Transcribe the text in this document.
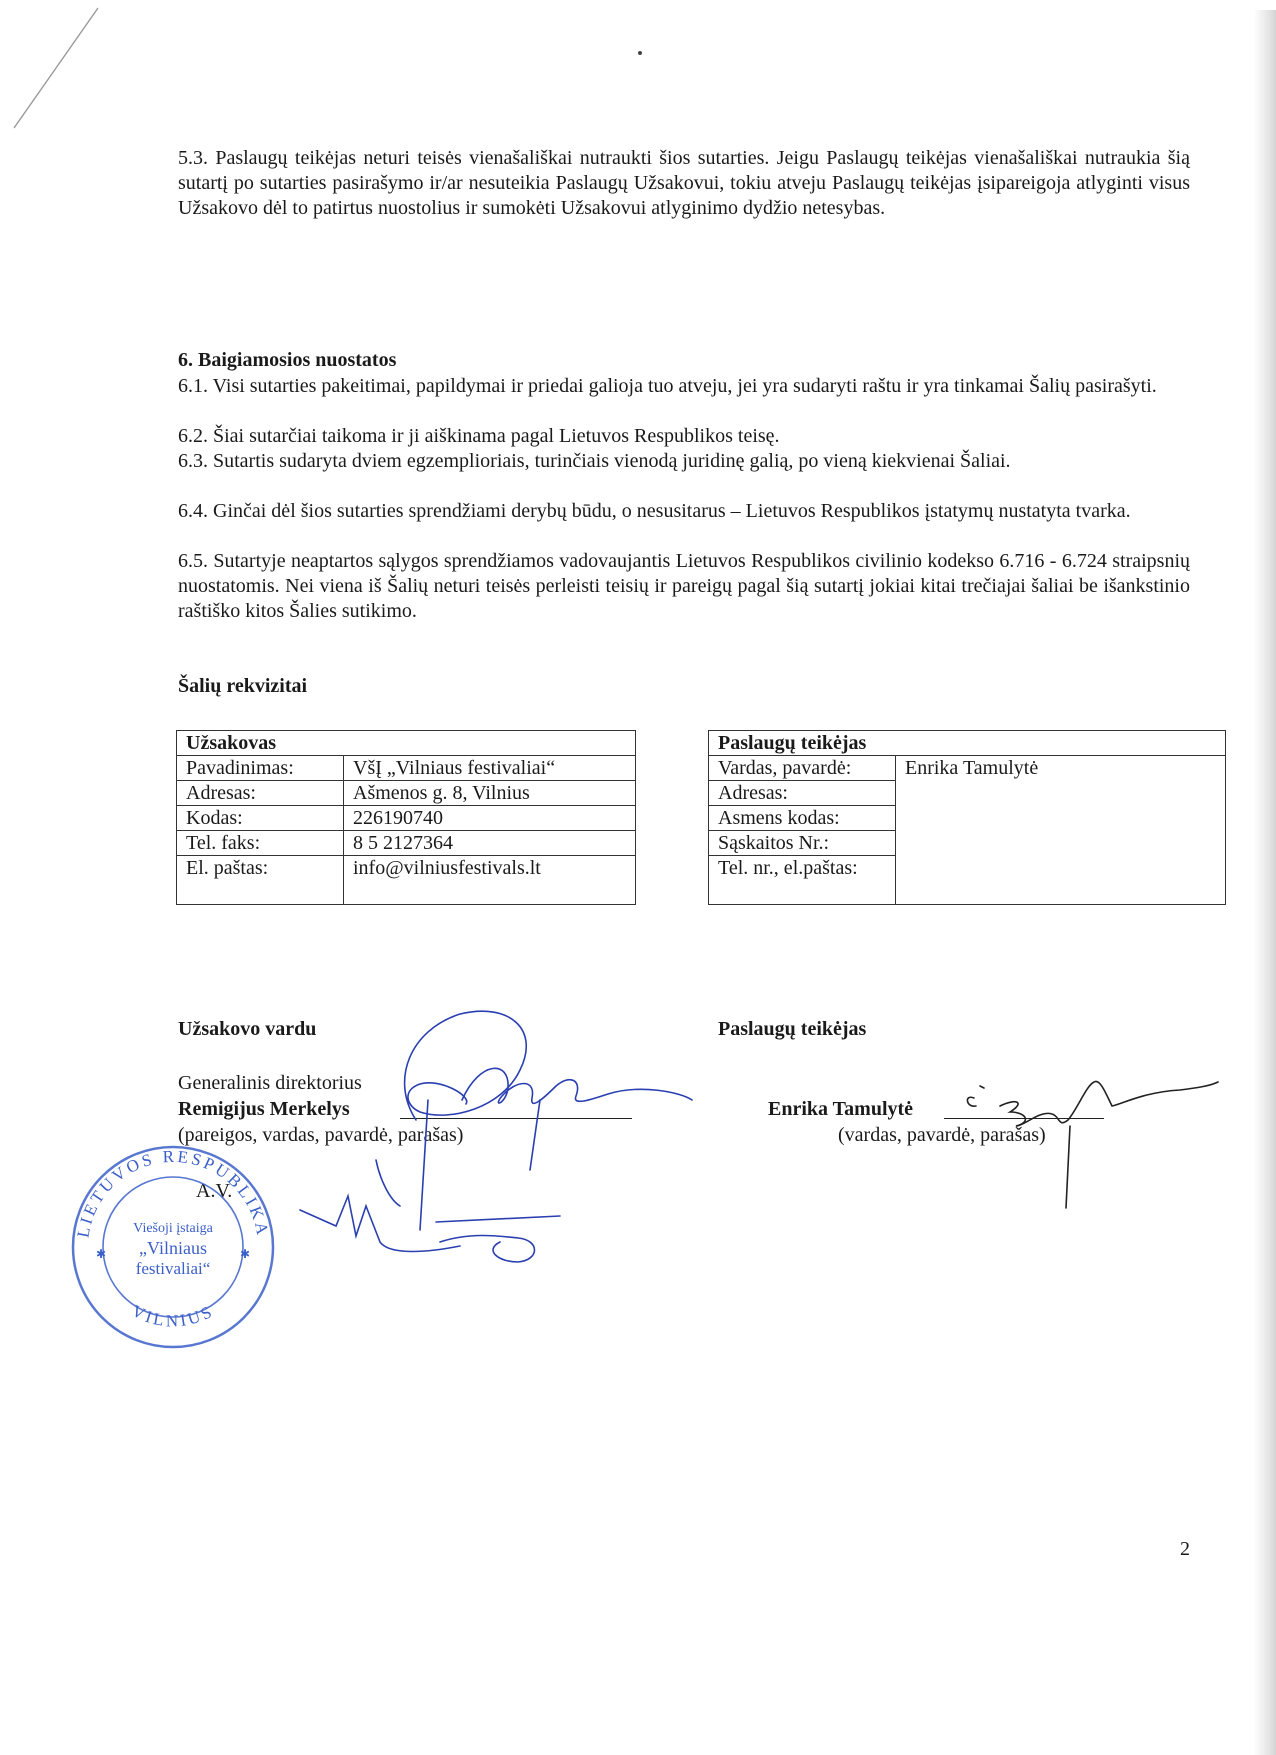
5.3. Paslaugų teikėjas neturi teisės vienašališkai nutraukti šios sutarties. Jeigu Paslaugų teikėjas vienašališkai nutraukia šią sutartį po sutarties pasirašymo ir/ar nesuteikia Paslaugų Užsakovui, tokiu atveju Paslaugų teikėjas įsipareigoja atlyginti visus Užsakovo dėl to patirtus nuostolius ir sumokėti Užsakovui atlyginimo dydžio netesybas.

6. Baigiamosios nuostatos

6.1. Visi sutarties pakeitimai, papildymai ir priedai galioja tuo atveju, jei yra sudaryti raštu ir yra tinkamai Šalių pasirašyti.

6.2. Šiai sutarčiai taikoma ir ji aiškinama pagal Lietuvos Respublikos teisę.

6.3. Sutartis sudaryta dviem egzemplioriais, turinčiais vienodą juridinę galią, po vieną kiekvienai Šaliai.

6.4. Ginčai dėl šios sutarties sprendžiami derybų būdu, o nesusitarus – Lietuvos Respublikos įstatymų nustatyta tvarka.

6.5. Sutartyje neaptartos sąlygos sprendžiamos vadovaujantis Lietuvos Respublikos civilinio kodekso 6.716 - 6.724 straipsnių nuostatomis. Nei viena iš Šalių neturi teisės perleisti teisių ir pareigų pagal šią sutartį jokiai kitai trečiajai šaliai be išankstinio raštiško kitos Šalies sutikimo.

Šalių rekvizitai

Užsakovas	
Pavadinimas:	VšĮ „Vilniaus festivaliai“
Adresas:	Ašmenos g. 8, Vilnius
Kodas:	226190740
Tel. faks:	8 5 2127364
El. paštas:	info@vilniusfestivals.lt
Paslaugų teikėjas
Vardas, pavardė:	Enrika Tamulytė
Adresas:
Asmens kodas:
Sąskaitos Nr.:
Tel. nr., el.paštas:

Užsakovo vardu

Generalinis direktorius

Remigijus Merkelys

(pareigos, vardas, pavardė, parašas)

A.V.

Paslaugų teikėjas

Enrika Tamulytė

(vardas, pavardė, parašas)

LIETUVOS RESPUBLIKA
VILNIUS
Viešoji įstaiga
„Vilniaus
festivaliai“
✱	✱
2
